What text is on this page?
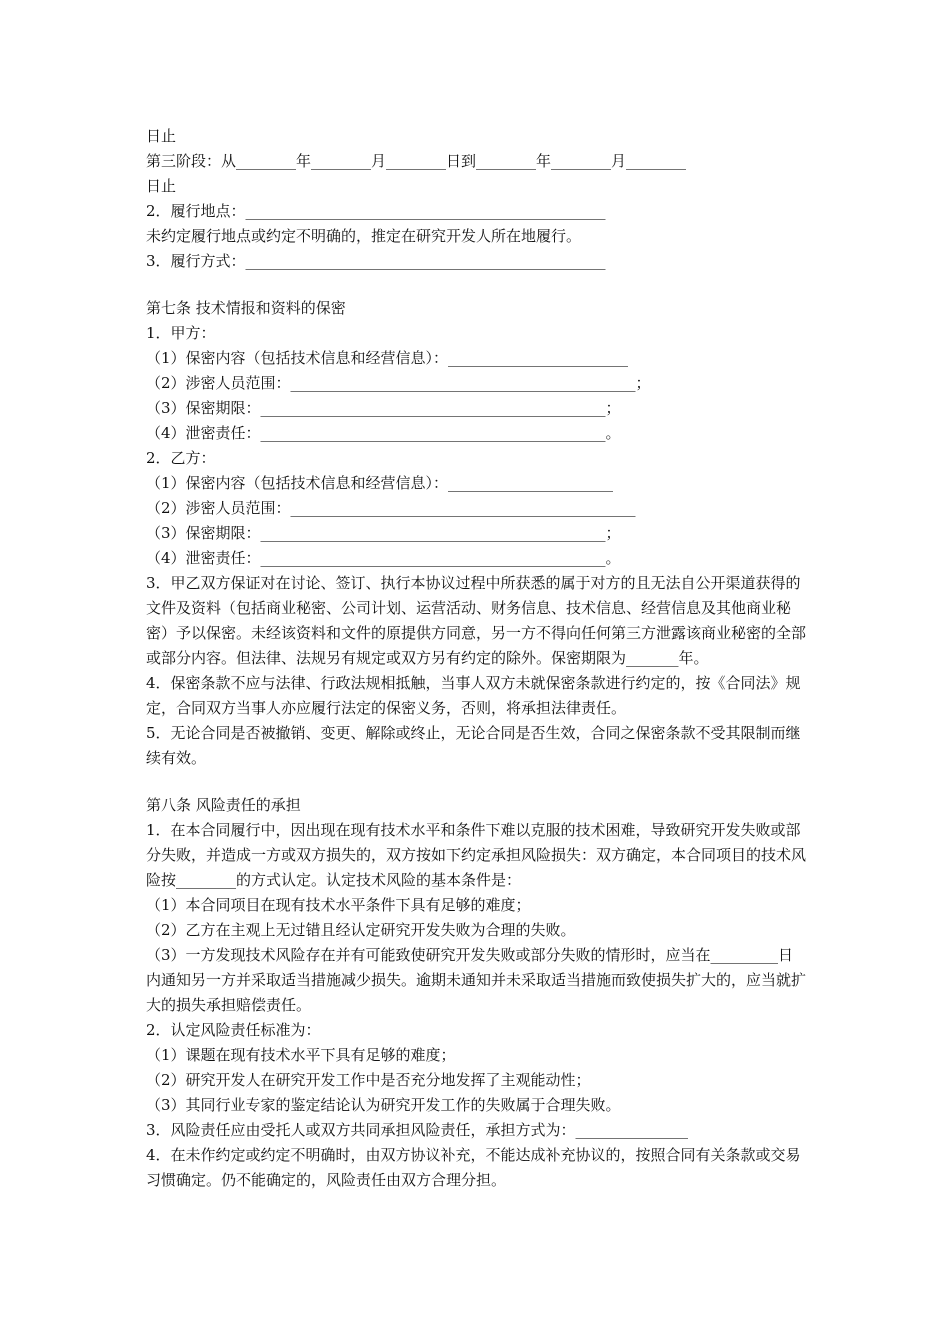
日止
第三阶段：从________年________月________日到________年________月________
日止
2．履行地点：________________________________________________
未约定履行地点或约定不明确的，推定在研究开发人所在地履行。
3．履行方式：________________________________________________
第七条 技术情报和资料的保密
1．甲方：
（1）保密内容（包括技术信息和经营信息）：________________________
（2）涉密人员范围：______________________________________________；
（3）保密期限：______________________________________________；
（4）泄密责任：______________________________________________。
2．乙方：
（1）保密内容（包括技术信息和经营信息）：______________________
（2）涉密人员范围：______________________________________________
（3）保密期限：______________________________________________；
（4）泄密责任：______________________________________________。
3．甲乙双方保证对在讨论、签订、执行本协议过程中所获悉的属于对方的且无法自公开渠道获得的文件及资料（包括商业秘密、公司计划、运营活动、财务信息、技术信息、经营信息及其他商业秘密）予以保密。未经该资料和文件的原提供方同意，另一方不得向任何第三方泄露该商业秘密的全部或部分内容。但法律、法规另有规定或双方另有约定的除外。保密期限为_______年。
4．保密条款不应与法律、行政法规相抵触，当事人双方未就保密条款进行约定的，按《合同法》规定，合同双方当事人亦应履行法定的保密义务，否则，将承担法律责任。
5．无论合同是否被撤销、变更、解除或终止，无论合同是否生效，合同之保密条款不受其限制而继续有效。
第八条 风险责任的承担
1．在本合同履行中，因出现在现有技术水平和条件下难以克服的技术困难，导致研究开发失败或部分失败，并造成一方或双方损失的，双方按如下约定承担风险损失：双方确定，本合同项目的技术风险按________的方式认定。认定技术风险的基本条件是：
（1）本合同项目在现有技术水平条件下具有足够的难度；
（2）乙方在主观上无过错且经认定研究开发失败为合理的失败。
（3）一方发现技术风险存在并有可能致使研究开发失败或部分失败的情形时，应当在_________日内通知另一方并采取适当措施减少损失。逾期未通知并未采取适当措施而致使损失扩大的，应当就扩大的损失承担赔偿责任。
2．认定风险责任标准为：
（1）课题在现有技术水平下具有足够的难度；
（2）研究开发人在研究开发工作中是否充分地发挥了主观能动性；
（3）其同行业专家的鉴定结论认为研究开发工作的失败属于合理失败。
3．风险责任应由受托人或双方共同承担风险责任，承担方式为：_______________
4．在未作约定或约定不明确时，由双方协议补充，不能达成补充协议的，按照合同有关条款或交易习惯确定。仍不能确定的，风险责任由双方合理分担。
